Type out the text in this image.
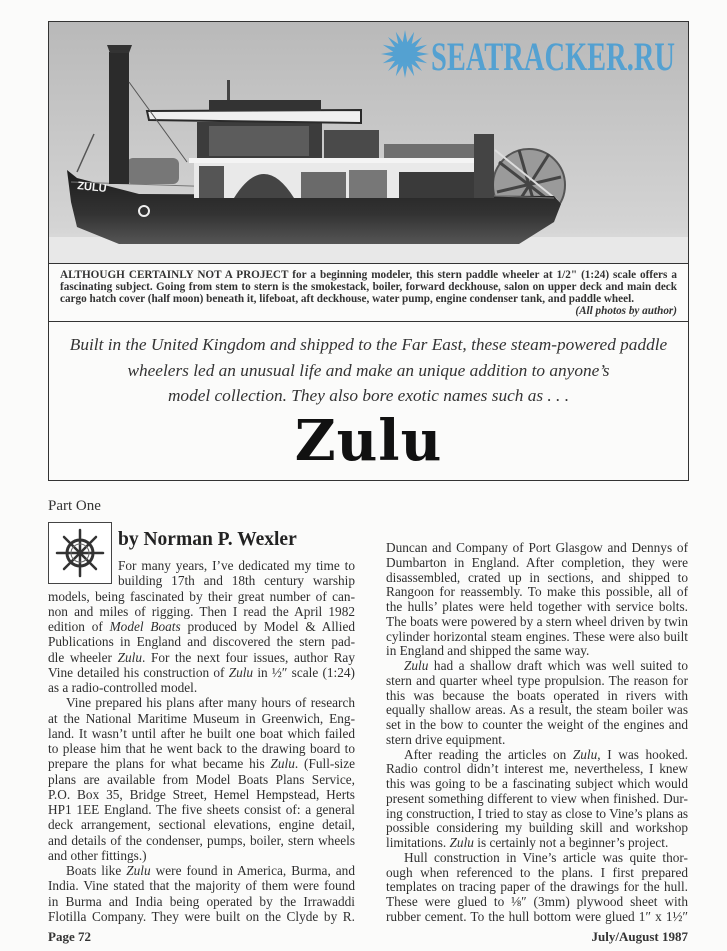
ZULU
SEATRACKER.RU
ALTHOUGH CERTAINLY NOT A PROJECT for a beginning modeler, this stern paddle wheeler at 1/2" (1:24) scale offers a fascinating subject. Going from stem to stern is the smokestack, boiler, forward deckhouse, salon on upper deck and main deck cargo hatch cover (half moon) beneath it, lifeboat, aft deckhouse, water pump, engine condenser tank, and paddle wheel.
(All photos by author)
Built in the United Kingdom and shipped to the Far East, these steam-powered paddle
wheelers led an unusual life and make an unique addition to anyone’s
model collection. They also bore exotic names such as . . .
Zulu
Part One
by Norman P. Wexler
For many years, I’ve dedicated my time to
building 17th and 18th century warship
models, being fascinated by their great number of can-
non and miles of rigging. Then I read the April 1982
edition of Model Boats produced by Model & Allied
Publications in England and discovered the stern pad-
dle wheeler Zulu. For the next four issues, author Ray
Vine detailed his construction of Zulu in ½″ scale (1:24)
as a radio-controlled model.
Vine prepared his plans after many hours of research
at the National Maritime Museum in Greenwich, Eng-
land. It wasn’t until after he built one boat which failed
to please him that he went back to the drawing board to
prepare the plans for what became his Zulu. (Full-size
plans are available from Model Boats Plans Service,
P.O. Box 35, Bridge Street, Hemel Hempstead, Herts
HP1 1EE England. The five sheets consist of: a general
deck arrangement, sectional elevations, engine detail,
and details of the condenser, pumps, boiler, stern wheels
and other fittings.)
Boats like Zulu were found in America, Burma, and
India. Vine stated that the majority of them were found
in Burma and India being operated by the Irrawaddi
Flotilla Company. They were built on the Clyde by R.
Duncan and Company of Port Glasgow and Dennys of
Dumbarton in England. After completion, they were
disassembled, crated up in sections, and shipped to
Rangoon for reassembly. To make this possible, all of
the hulls’ plates were held together with service bolts.
The boats were powered by a stern wheel driven by twin
cylinder horizontal steam engines. These were also built
in England and shipped the same way.
Zulu had a shallow draft which was well suited to
stern and quarter wheel type propulsion. The reason for
this was because the boats operated in rivers with
equally shallow areas. As a result, the steam boiler was
set in the bow to counter the weight of the engines and
stern drive equipment.
After reading the articles on Zulu, I was hooked.
Radio control didn’t interest me, nevertheless, I knew
this was going to be a fascinating subject which would
present something different to view when finished. Dur-
ing construction, I tried to stay as close to Vine’s plans as
possible considering my building skill and workshop
limitations. Zulu is certainly not a beginner’s project.
Hull construction in Vine’s article was quite thor-
ough when referenced to the plans. I first prepared
templates on tracing paper of the drawings for the hull.
These were glued to ⅛″ (3mm) plywood sheet with
rubber cement. To the hull bottom were glued 1″ x 1½″
Page 72	July/August 1987
